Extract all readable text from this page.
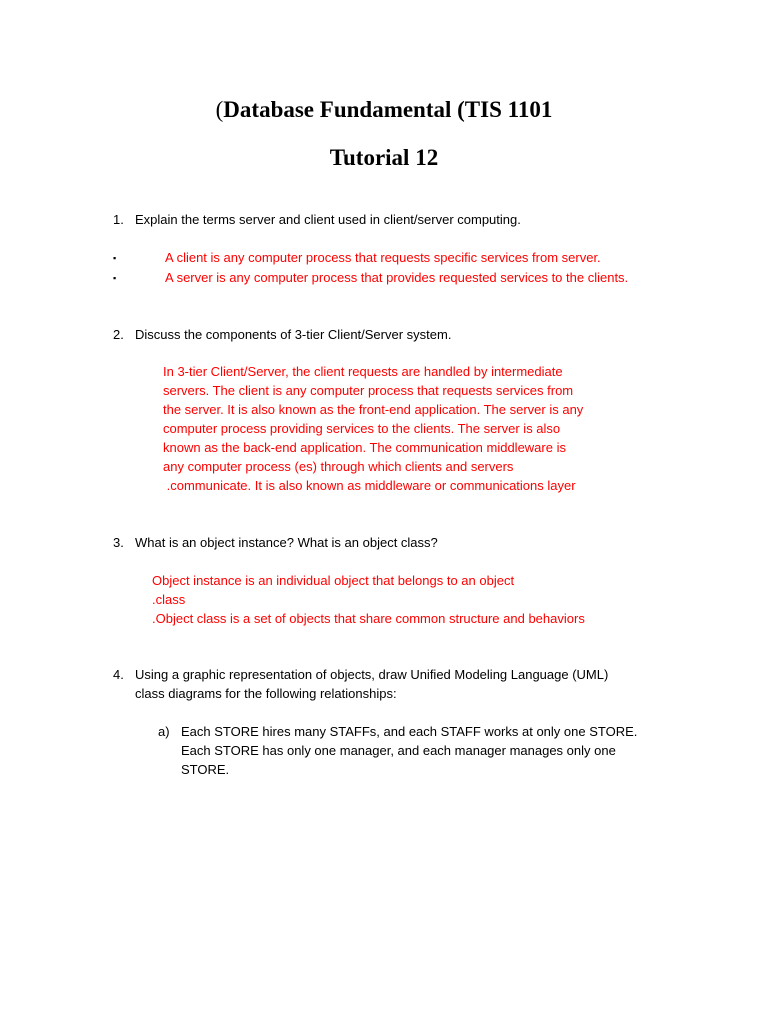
(Database Fundamental (TIS 1101
Tutorial 12
1. Explain the terms server and client used in client/server computing.
▪	A client is any computer process that requests specific services from server.
▪	A server is any computer process that provides requested services to the clients.
2. Discuss the components of 3-tier Client/Server system.
In 3-tier Client/Server, the client requests are handled by intermediate
servers. The client is any computer process that requests services from
the server. It is also known as the front-end application. The server is any
computer process providing services to the clients. The server is also
known as the back-end application. The communication middleware is
any computer process (es) through which clients and servers
.communicate. It is also known as middleware or communications layer
3. What is an object instance? What is an object class?
Object instance is an individual object that belongs to an object
.class
.Object class is a set of objects that share common structure and behaviors
4. Using a graphic representation of objects, draw Unified Modeling Language (UML)
class diagrams for the following relationships:
a) Each STORE hires many STAFFs, and each STAFF works at only one STORE.
Each STORE has only one manager, and each manager manages only one
STORE.
